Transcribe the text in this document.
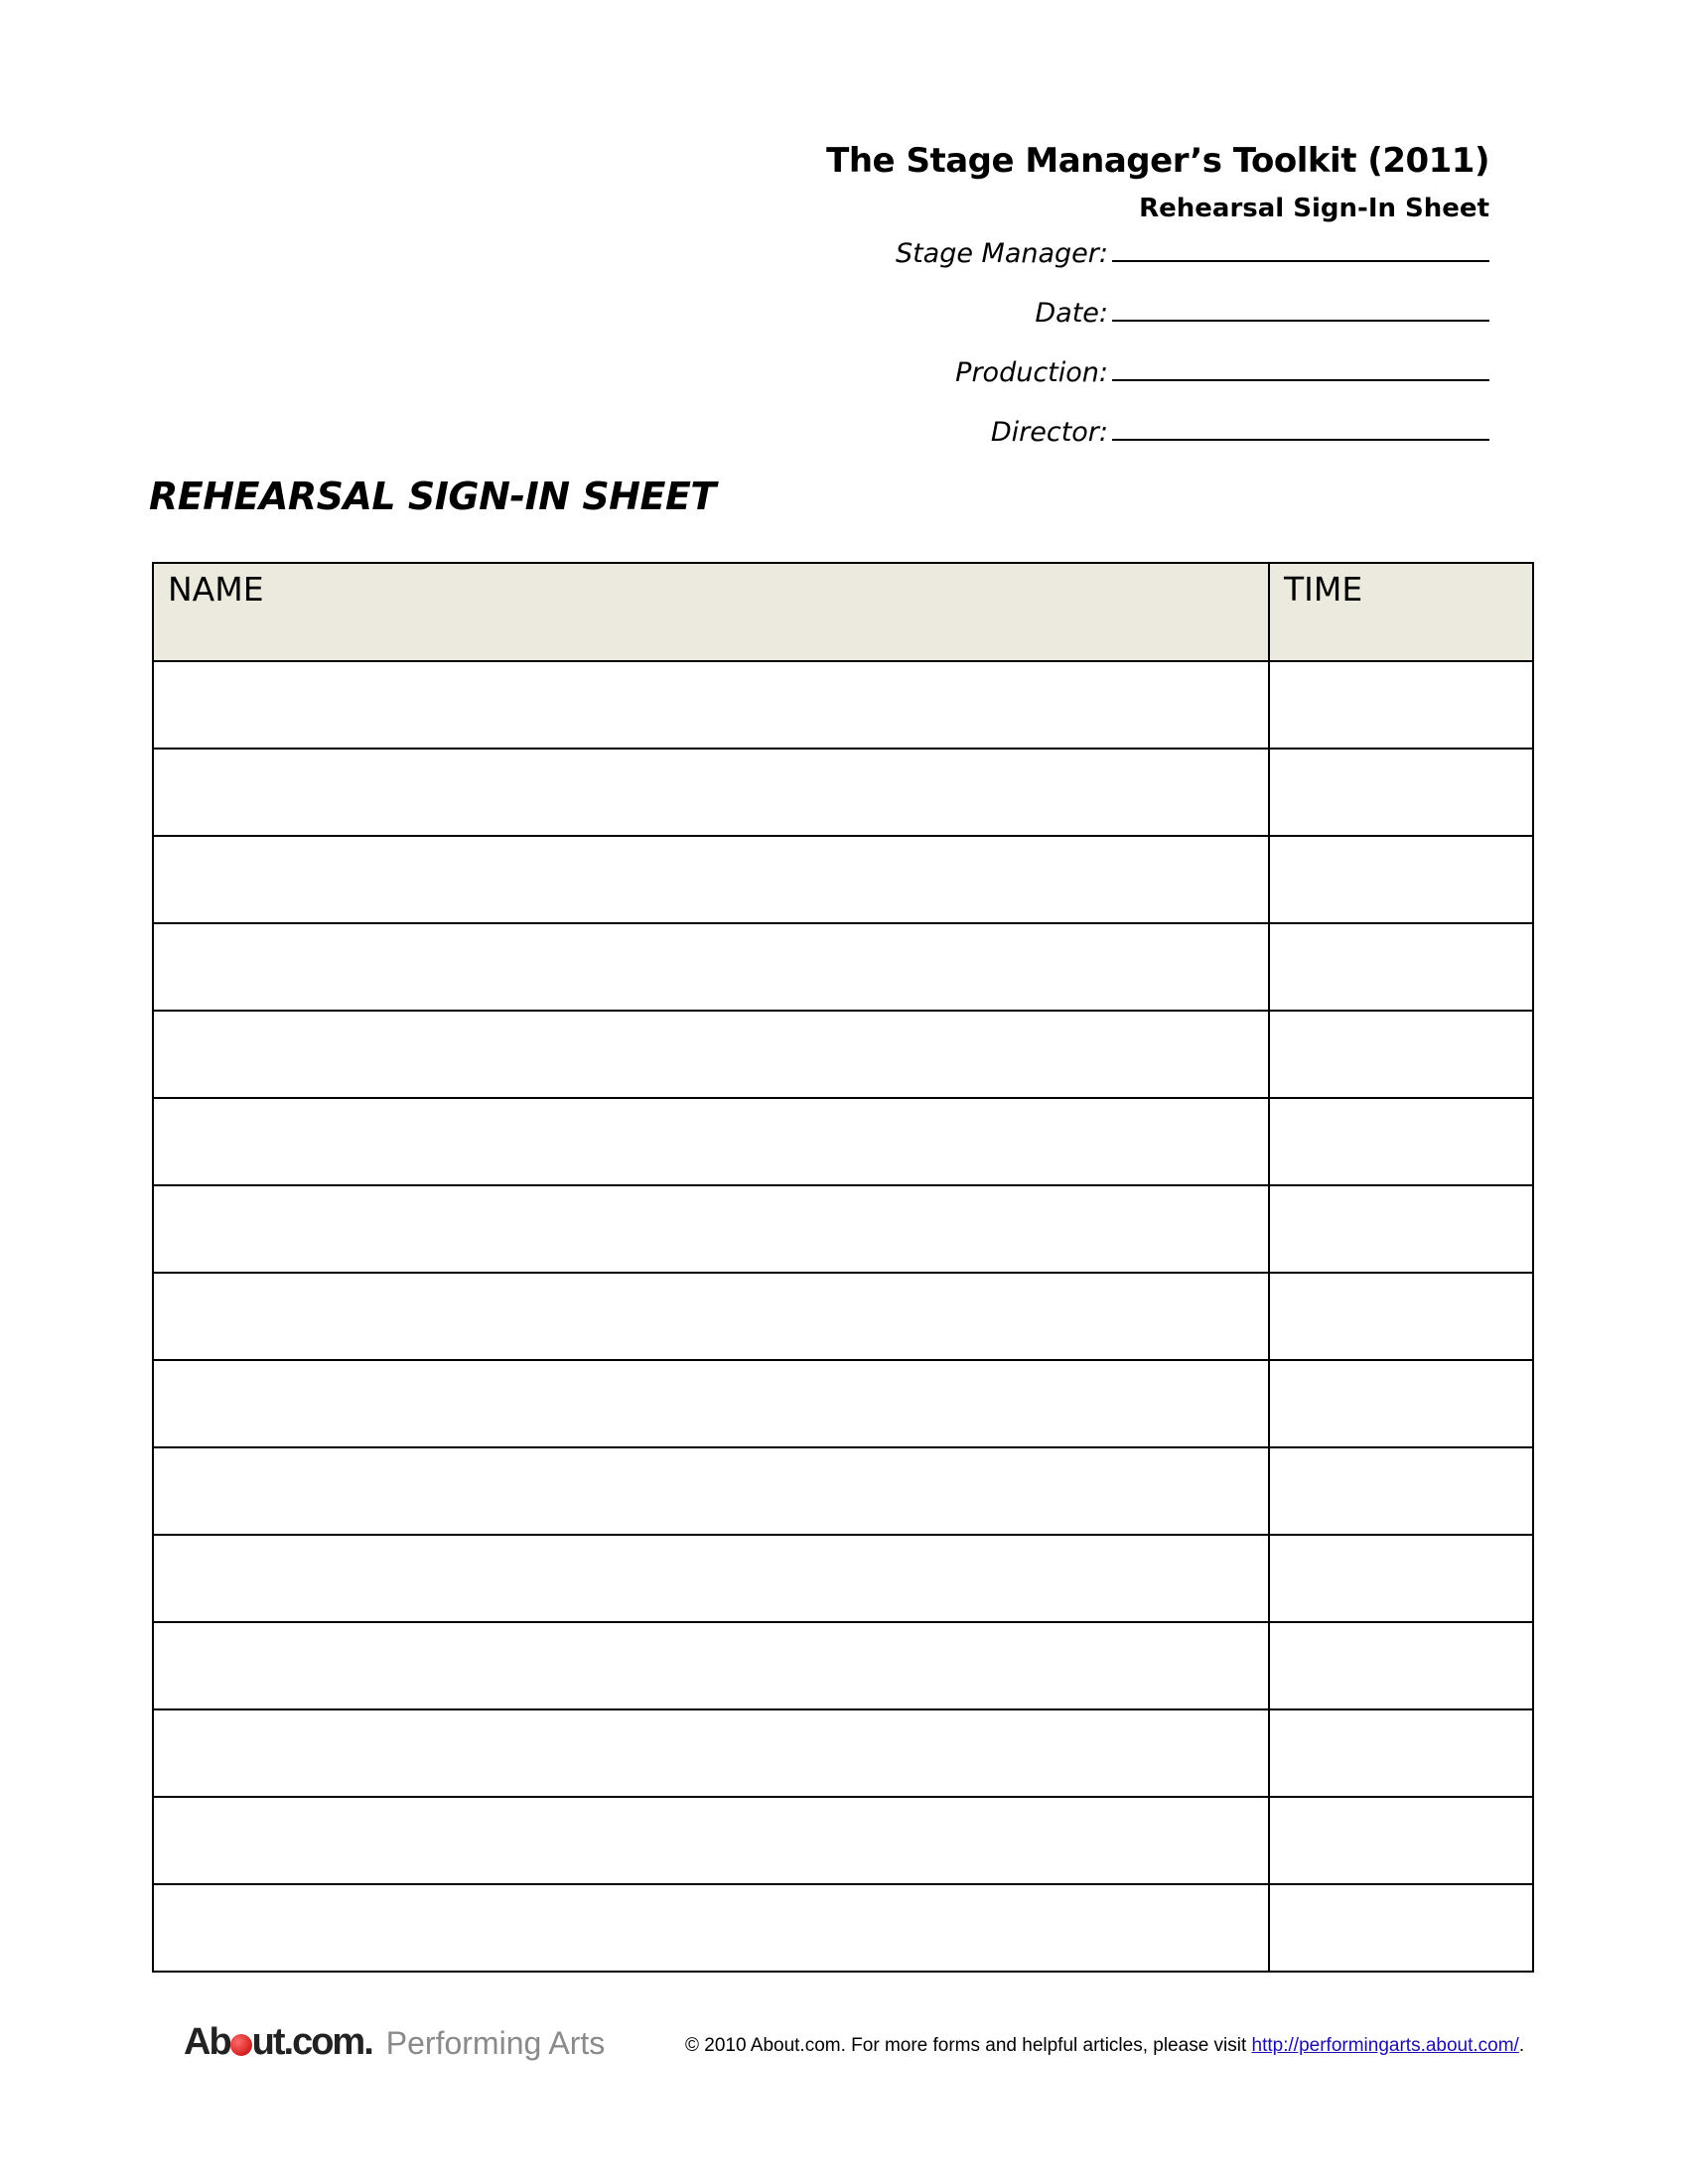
The Stage Manager’s Toolkit (2011)
Rehearsal Sign-In Sheet
Stage Manager:
Date:
Production:
Director:
REHEARSAL SIGN-IN SHEET
NAME	TIME

Ab ut.com. Performing Arts	© 2010 About.com. For more forms and helpful articles, please visit http://performingarts.about.com/.
